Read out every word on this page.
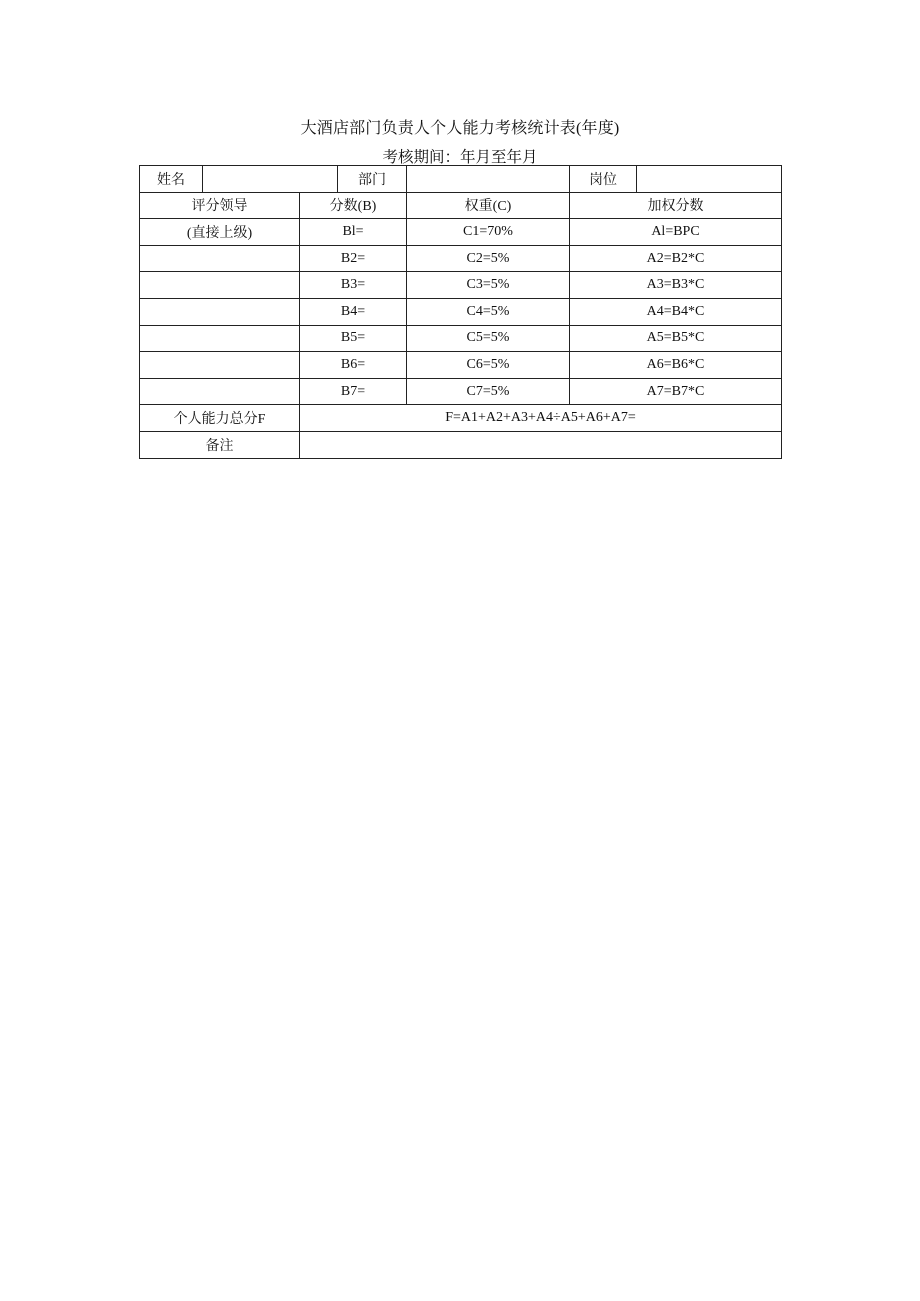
大酒店部门负责人个人能力考核统计表(年度)
考核期间：年月至年月
姓名			部门		岗位	
评分领导		分数(B)		权重(C)	加权分数	
(直接上级)		Bl=		C1=70%	Al=BPC	
		B2=		C2=5%	A2=B2*C	
		B3=		C3=5%	A3=B3*C	
		B4=		C4=5%	A4=B4*C	
		B5=		C5=5%	A5=B5*C	
		B6=		C6=5%	A6=B6*C	
		B7=		C7=5%	A7=B7*C	
个人能力总分F		F=A1+A2+A3+A4÷A5+A6+A7=				
备注						
